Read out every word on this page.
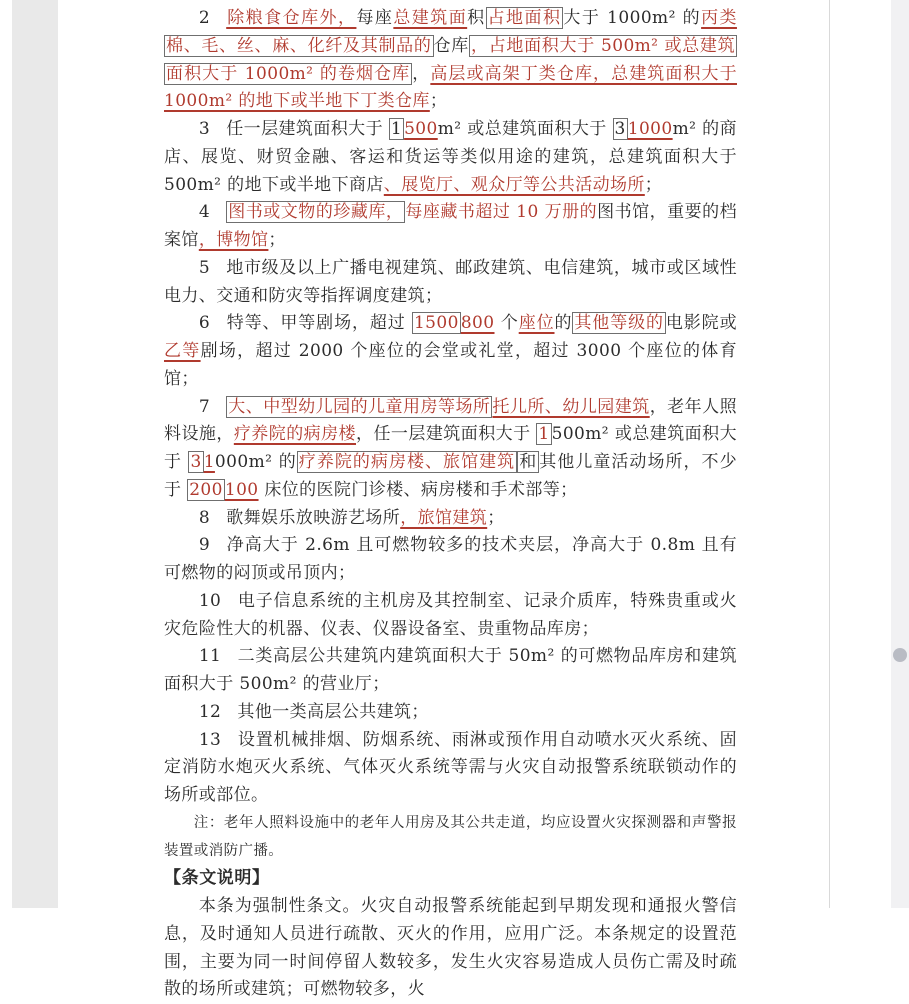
2 除粮食仓库外，每座总建筑面积 占地面积 大于 1000m² 的丙类棉、毛、丝、麻、化纤及其制品的 仓库 ，占地面积大于 500m² 或总建筑面积大于 1000m² 的卷烟仓库 ，高层或高架丁类仓库，总建筑面积大于 1000m² 的地下或半地下丁类仓库；

3 任一层建筑面积大于 1 500m² 或总建筑面积大于 3 1000m² 的商店、展览、财贸金融、客运和货运等类似用途的建筑，总建筑面积大于 500m² 的地下或半地下商店、展览厅、观众厅等公共活动场所；

4 图书或文物的珍藏库， 每座藏书超过 10 万册的图书馆，重要的档案馆，博物馆；

5 地市级及以上广播电视建筑、邮政建筑、电信建筑，城市或区域性电力、交通和防灾等指挥调度建筑；

6 特等、甲等剧场，超过 1500 800 个座位的 其他等级的 电影院或乙等剧场，超过 2000 个座位的会堂或礼堂，超过 3000 个座位的体育馆；

7 大、中型幼儿园的儿童用房等场所 托儿所、幼儿园建筑，老年人照料设施，疗养院的病房楼，任一层建筑面积大于 1 500m² 或总建筑面积大于 3 1000m² 的 疗养院的病房楼、旅馆建筑 和 其他儿童活动场所，不少于 200 100 床位的医院门诊楼、病房楼和手术部等；

8 歌舞娱乐放映游艺场所，旅馆建筑；

9 净高大于 2.6m 且可燃物较多的技术夹层，净高大于 0.8m 且有可燃物的闷顶或吊顶内；

10 电子信息系统的主机房及其控制室、记录介质库，特殊贵重或火灾危险性大的机器、仪表、仪器设备室、贵重物品库房；

11 二类高层公共建筑内建筑面积大于 50m² 的可燃物品库房和建筑面积大于 500m² 的营业厅；

12 其他一类高层公共建筑；

13 设置机械排烟、防烟系统、雨淋或预作用自动喷水灭火系统、固定消防水炮灭火系统、气体灭火系统等需与火灾自动报警系统联锁动作的场所或部位。

注：老年人照料设施中的老年人用房及其公共走道，均应设置火灾探测器和声警报装置或消防广播。

【条文说明】

本条为强制性条文。火灾自动报警系统能起到早期发现和通报火警信息，及时通知人员进行疏散、灭火的作用，应用广泛。本条规定的设置范围，主要为同一时间停留人数较多，发生火灾容易造成人员伤亡需及时疏散的场所或建筑；可燃物较多，火
